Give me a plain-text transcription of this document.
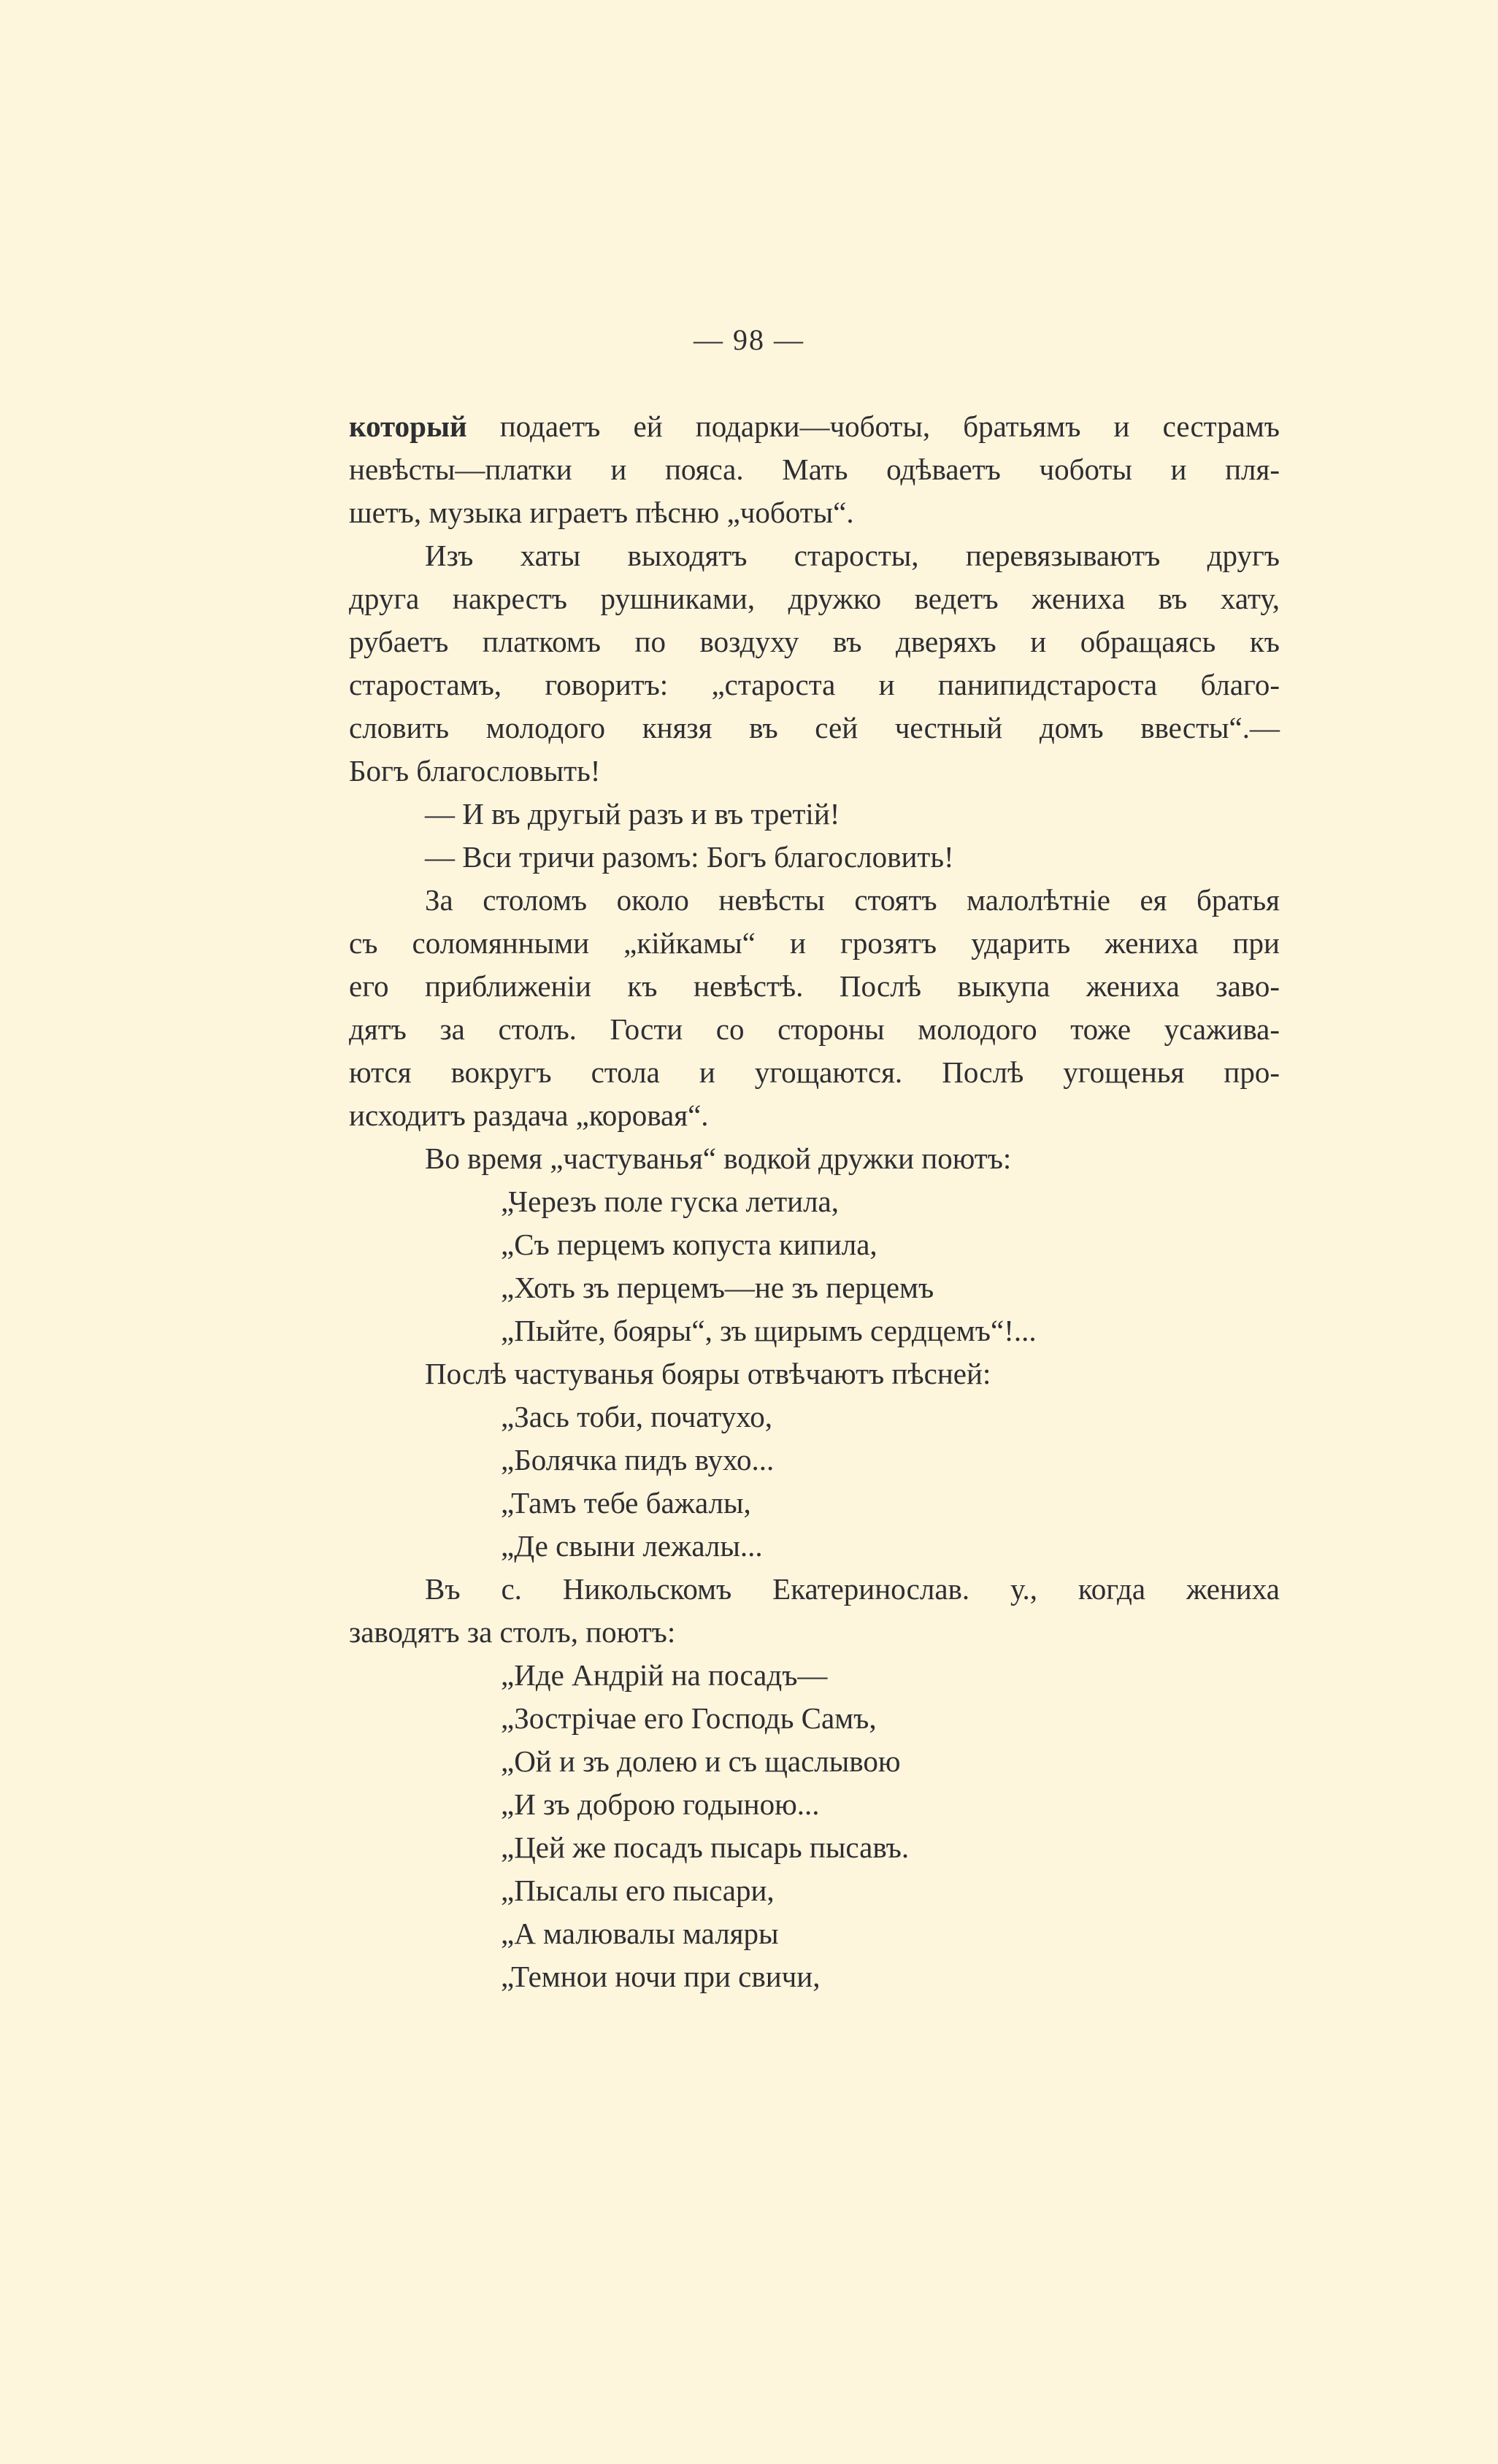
— 98 —
который подаетъ ей подарки—чоботы, братьямъ и сестрамъ
невѣсты—платки и пояса. Мать одѣваетъ чоботы и пля-
шетъ, музыка играетъ пѣсню „чоботы“.
Изъ хаты выходятъ старосты, перевязываютъ другъ
друга накрестъ рушниками, дружко ведетъ жениха въ хату,
рубаетъ платкомъ по воздуху въ дверяхъ и обращаясь къ
старостамъ, говоритъ: „староста и панипидстароста благо-
словить молодого князя въ сей честный домъ ввесты“.—
Богъ благословыть!
— И въ другый разъ и въ третій!
— Вси тричи разомъ: Богъ благословить!
За столомъ около невѣсты стоятъ малолѣтніе ея братья
съ соломянными „кійкамы“ и грозятъ ударить жениха при
его приближеніи къ невѣстѣ. Послѣ выкупа жениха заво-
дятъ за столъ. Гости со стороны молодого тоже усажива-
ются вокругъ стола и угощаются. Послѣ угощенья про-
исходитъ раздача „коровая“.
Во время „частуванья“ водкой дружки поютъ:
„Черезъ поле гуска летила,
„Съ перцемъ копуста кипила,
„Хоть зъ перцемъ—не зъ перцемъ
„Пыйте, бояры“, зъ щирымъ сердцемъ“!...
Послѣ частуванья бояры отвѣчаютъ пѣсней:
„Зась тоби, початухо,
„Болячка пидъ вухо...
„Тамъ тебе бажалы,
„Де свыни лежалы...
Въ с. Никольскомъ Екатеринослав. у., когда жениха
заводятъ за столъ, поютъ:
„Иде Андрій на посадъ—
„Зострічае его Господь Самъ,
„Ой и зъ долею и съ щаслывою
„И зъ доброю годыною...
„Цей же посадъ пысарь пысавъ.
„Пысалы его пысари,
„А малювалы маляры
„Темнои ночи при свичи,
